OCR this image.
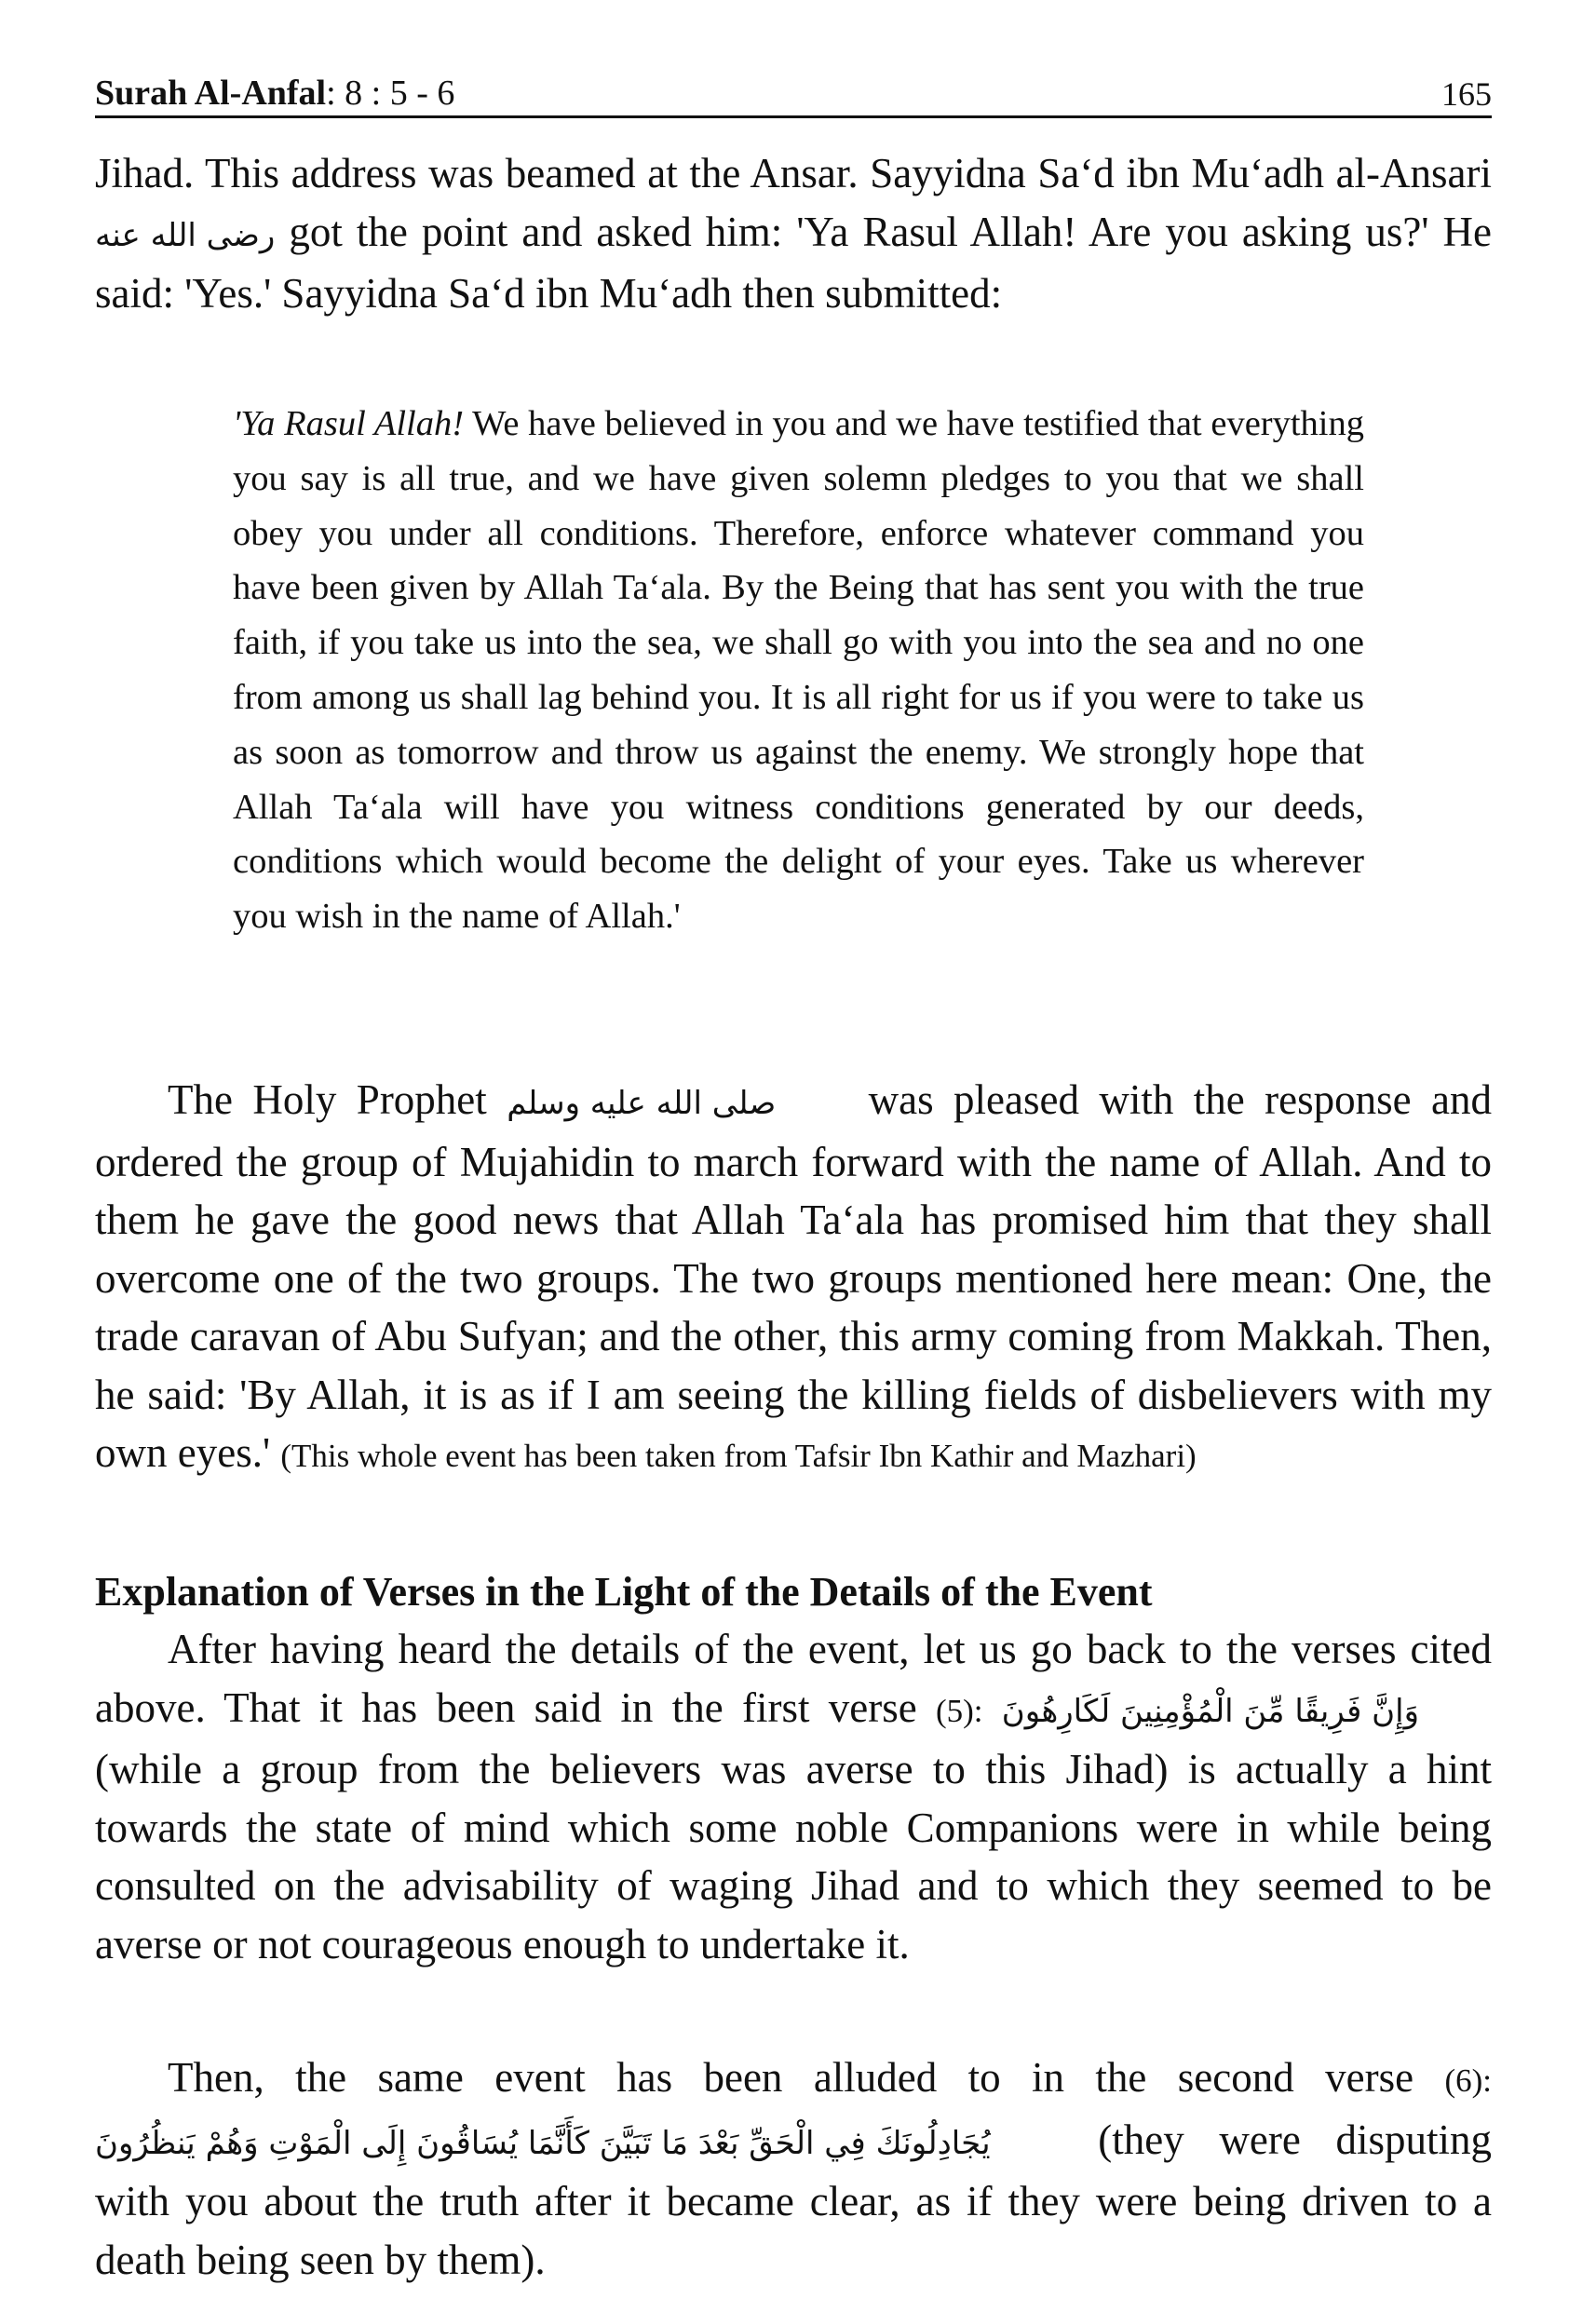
Surah Al-Anfal: 8 : 5 - 6	165

Jihad. This address was beamed at the Ansar. Sayyidna Sa‘d ibn Mu‘adh al-Ansari رضى الله عنه got the point and asked him: 'Ya Rasul Allah! Are you asking us?' He said: 'Yes.' Sayyidna Sa‘d ibn Mu‘adh then submitted:

'Ya Rasul Allah! We have believed in you and we have testified that everything you say is all true, and we have given solemn pledges to you that we shall obey you under all conditions. Therefore, enforce whatever command you have been given by Allah Ta‘ala. By the Being that has sent you with the true faith, if you take us into the sea, we shall go with you into the sea and no one from among us shall lag behind you. It is all right for us if you were to take us as soon as tomorrow and throw us against the enemy. We strongly hope that Allah Ta‘ala will have you witness conditions generated by our deeds, conditions which would become the delight of your eyes. Take us wherever you wish in the name of Allah.'

The Holy Prophet صلى الله عليه وسلم was pleased with the response and ordered the group of Mujahidin to march forward with the name of Allah. And to them he gave the good news that Allah Ta‘ala has promised him that they shall overcome one of the two groups. The two groups mentioned here mean: One, the trade caravan of Abu Sufyan; and the other, this army coming from Makkah. Then, he said: 'By Allah, it is as if I am seeing the killing fields of disbelievers with my own eyes.' (This whole event has been taken from Tafsir Ibn Kathir and Mazhari)

Explanation of Verses in the Light of the Details of the Event

After having heard the details of the event, let us go back to the verses cited above. That it has been said in the first verse (5): وَإِنَّ فَرِيقًا مِّنَ الْمُؤْمِنِينَ لَكَارِهُونَ (while a group from the believers was averse to this Jihad) is actually a hint towards the state of mind which some noble Companions were in while being consulted on the advisability of waging Jihad and to which they seemed to be averse or not courageous enough to undertake it.

Then, the same event has been alluded to in the second verse (6): يُجَادِلُونَكَ فِي الْحَقِّ بَعْدَ مَا تَبَيَّنَ كَأَنَّمَا يُسَاقُونَ إِلَى الْمَوْتِ وَهُمْ يَنظُرُونَ	(they were disputing with you about the truth after it became clear, as if they were being driven to a death being seen by them).
